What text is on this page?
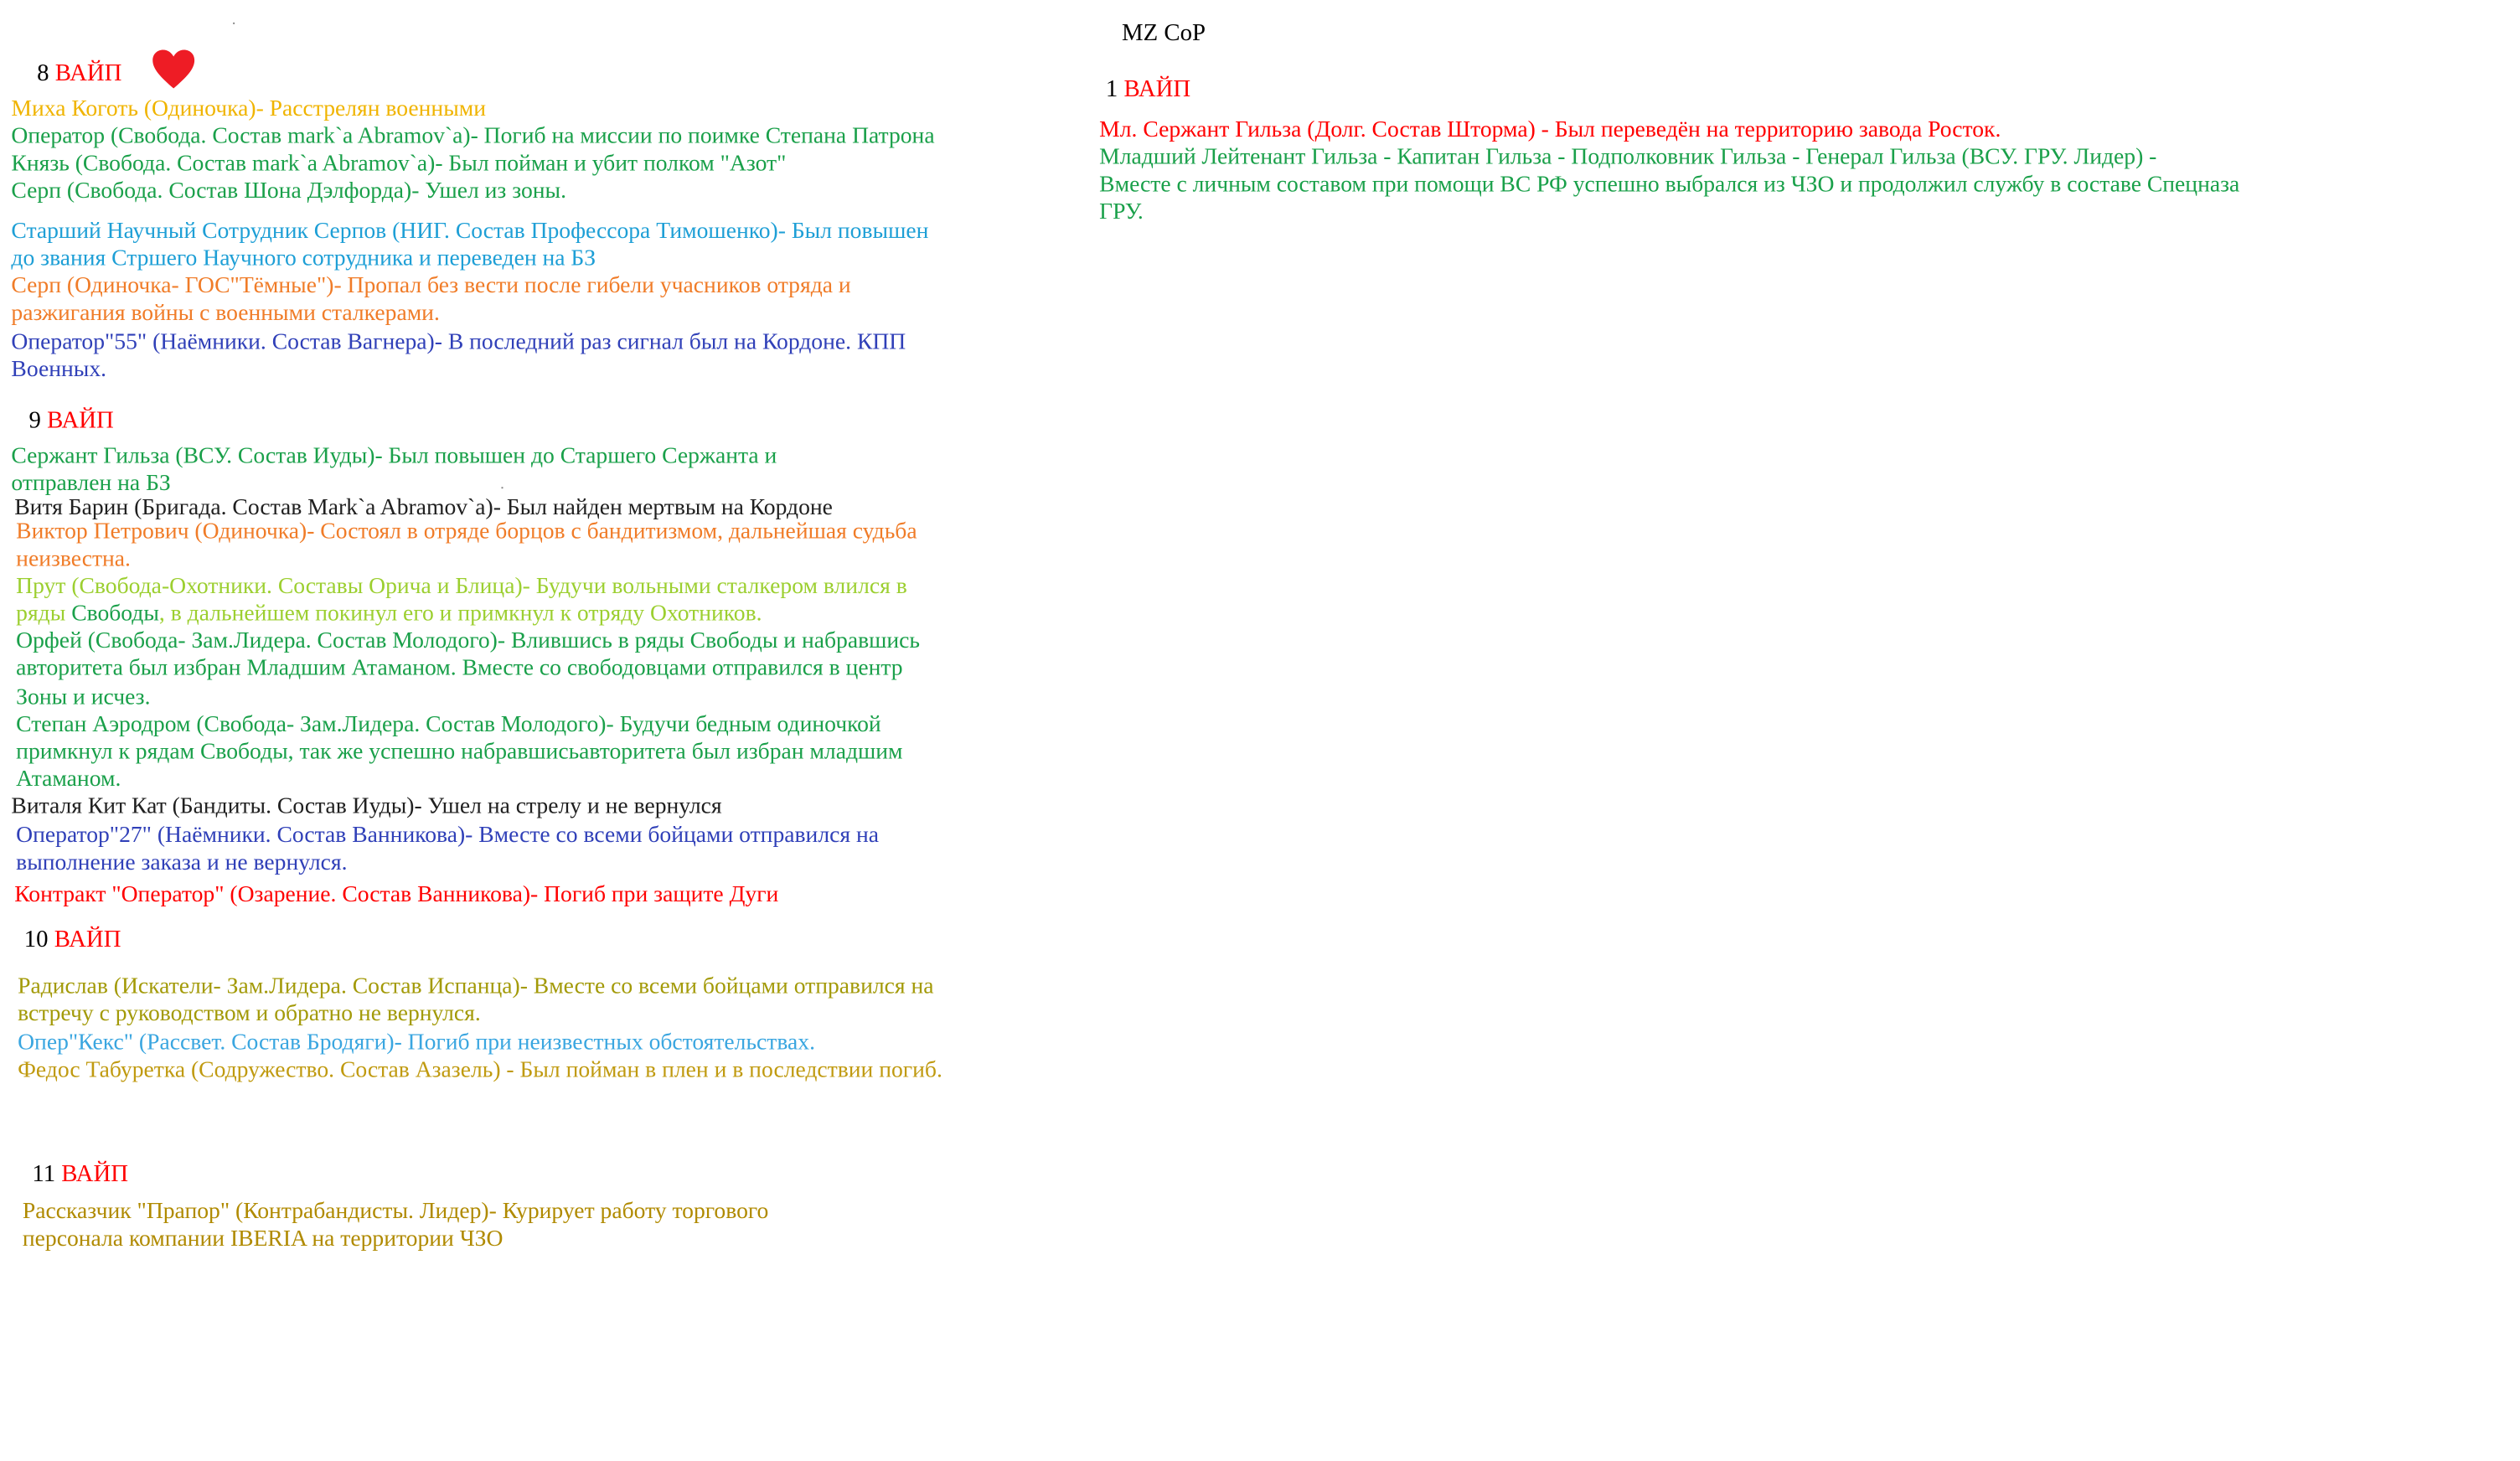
8 ВАЙП

Миха Коготь (Одиночка)- Расстрелян военными

Оператор (Свобода. Состав mark`a Abramov`a)- Погиб на миссии по поимке Степана Патрона

Князь (Свобода. Состав mark`a Abramov`a)- Был пойман и убит полком "Азот"

Серп (Свобода. Состав Шона Дэлфорда)- Ушел из зоны.

Старший Научный Сотрудник Серпов (НИГ. Состав Профессора Тимошенко)- Был повышен

до звания Стршего Научного сотрудника и переведен на БЗ

Серп (Одиночка- ГОС"Тёмные")- Пропал без вести после гибели учасников отряда и

разжигания войны с военными сталкерами.

Оператор"55" (Наёмники. Состав Вагнера)- В последний раз сигнал был на Кордоне. КПП

Военных.

9 ВАЙП

Сержант Гильза (ВСУ. Состав Иуды)- Был повышен до Старшего Сержанта и

отправлен на БЗ

Витя Барин (Бригада. Состав Mark`a Abramov`a)- Был найден мертвым на Кордоне

Виктор Петрович (Одиночка)- Состоял в отряде борцов с бандитизмом, дальнейшая судьба

неизвестна.

Прут (Свобода-Охотники. Составы Орича и Блица)- Будучи вольными сталкером влился в

ряды Свободы, в дальнейшем покинул его и примкнул к отряду Охотников.

Орфей (Свобода- Зам.Лидера. Состав Молодого)- Влившись в ряды Свободы и набравшись

авторитета был избран Младшим Атаманом. Вместе со свободовцами отправился в центр

Зоны и исчез.

Степан Аэродром (Свобода- Зам.Лидера. Состав Молодого)- Будучи бедным одиночкой

примкнул к рядам Свободы, так же успешно набравшисьавторитета был избран младшим

Атаманом.

Виталя Кит Кат (Бандиты. Состав Иуды)- Ушел на стрелу и не вернулся

Оператор"27" (Наёмники. Состав Ванникова)- Вместе со всеми бойцами отправился на

выполнение заказа и не вернулся.

Контракт "Оператор" (Озарение. Состав Ванникова)- Погиб при защите Дуги

10 ВАЙП

Радислав (Искатели- Зам.Лидера. Состав Испанца)- Вместе со всеми бойцами отправился на

встречу с руководством и обратно не вернулся.

Опер"Кекс" (Рассвет. Состав Бродяги)- Погиб при неизвестных обстоятельствах.

Федос Табуретка (Содружество. Состав Азазель) - Был пойман в плен и в последствии погиб.

11 ВАЙП

Рассказчик "Прапор" (Контрабандисты. Лидер)- Курирует работу торгового

персонала компании IBERIA на территории ЧЗО

MZ CoP
1 ВАЙП

Мл. Сержант Гильза (Долг. Состав Шторма) - Был переведён на территорию завода Росток.

Младший Лейтенант Гильза - Капитан Гильза - Подполковник Гильза - Генерал Гильза (ВСУ. ГРУ. Лидер) -

Вместе с личным составом при помощи ВС РФ успешно выбрался из ЧЗО и продолжил службу в составе Спецназа

ГРУ.
